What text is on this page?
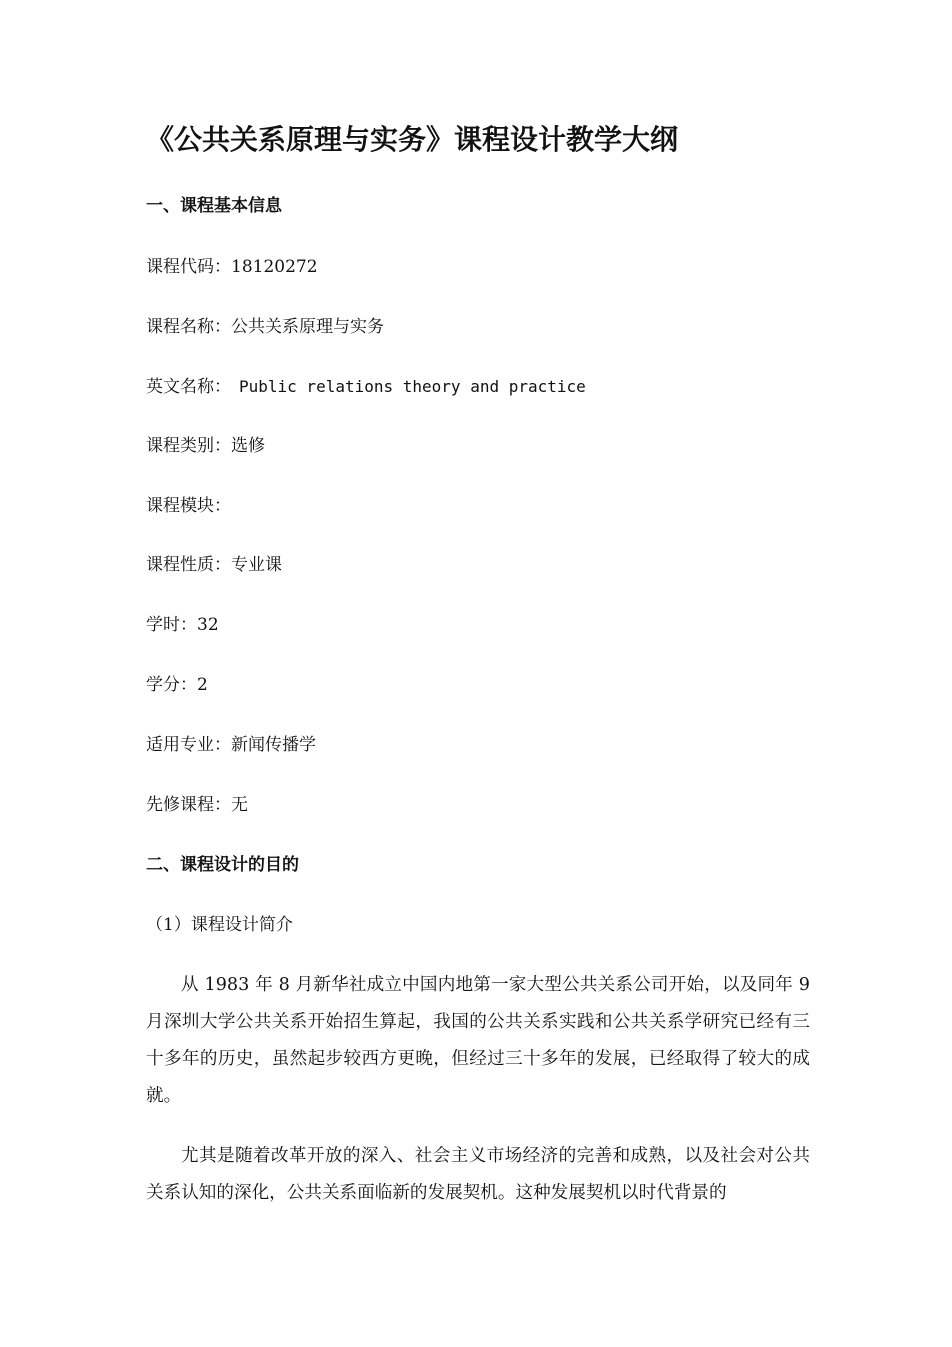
《公共关系原理与实务》课程设计教学大纲
一、课程基本信息
课程代码：18120272
课程名称：公共关系原理与实务
英文名称： Public relations theory and practice
课程类别：选修
课程模块：
课程性质：专业课
学时：32
学分：2
适用专业：新闻传播学
先修课程：无
二、课程设计的目的
（1）课程设计简介
从 1983 年 8 月新华社成立中国内地第一家大型公共关系公司开始，以及同年 9 月深圳大学公共关系开始招生算起，我国的公共关系实践和公共关系学研究已经有三十多年的历史，虽然起步较西方更晚，但经过三十多年的发展，已经取得了较大的成就。
尤其是随着改革开放的深入、社会主义市场经济的完善和成熟，以及社会对公共关系认知的深化，公共关系面临新的发展契机。这种发展契机以时代背景的
